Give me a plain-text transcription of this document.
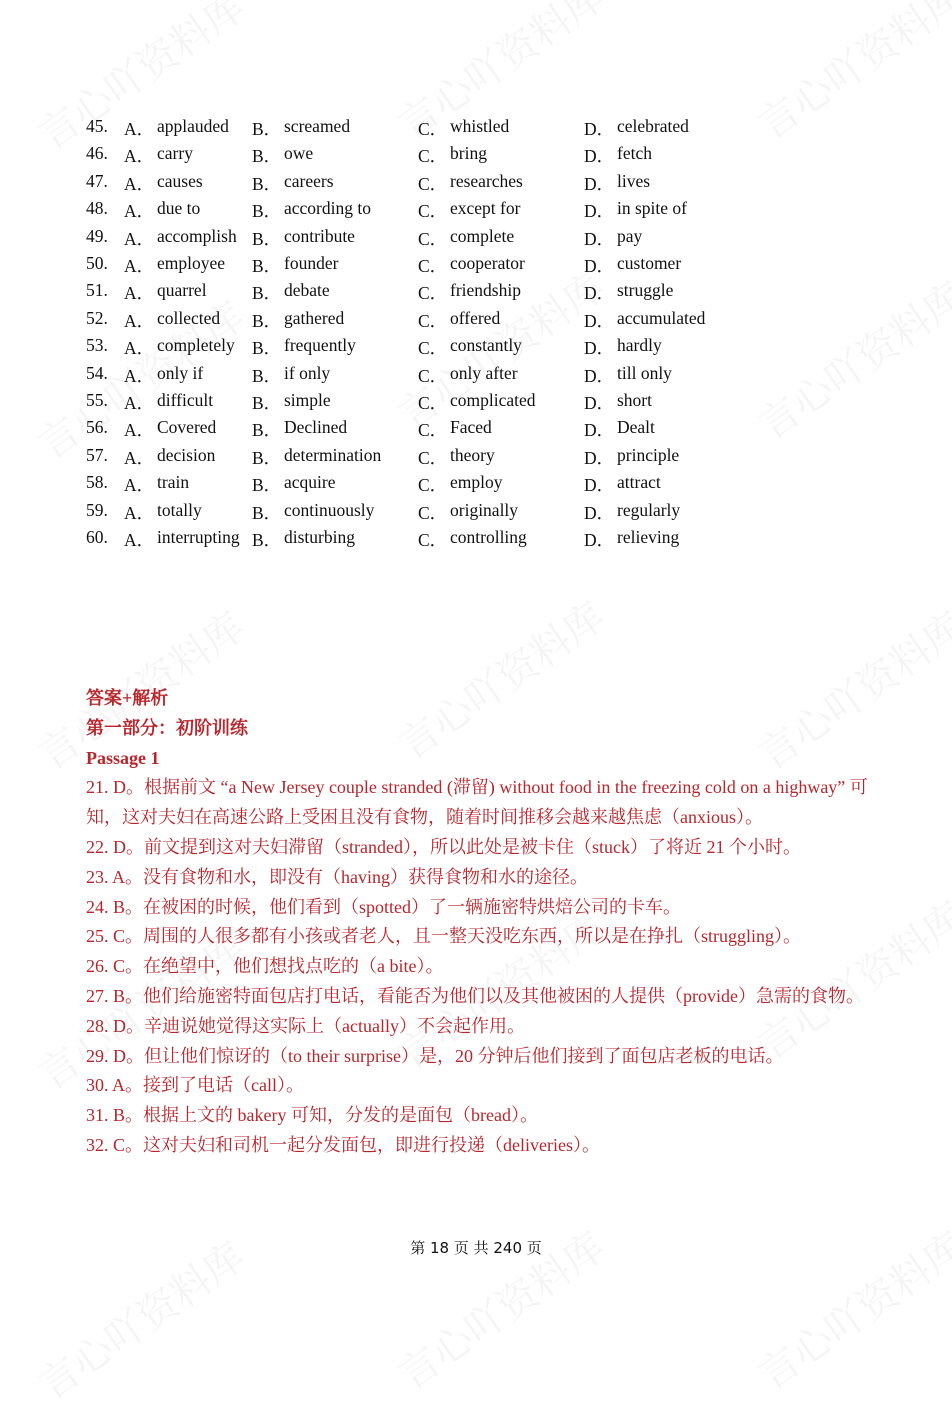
45. A． applauded B． screamed	C． whistled	D． celebrated
46. A． carry	B． owe	C． bring	D． fetch
47. A． causes	B． careers	C． researches	D． lives
48. A． due to	B． according to	C． except for	D． in spite of
49. A． accomplish B． contribute	C． complete	D． pay
50. A． employee B． founder	C． cooperator	D． customer
51. A． quarrel	B． debate	C． friendship	D． struggle
52. A． collected B． gathered	C． offered	D． accumulated
53. A． completely B． frequently	C． constantly	D． hardly
54. A． only if	B． if only	C． only after	D． till only
55. A． difficult B． simple	C． complicated	D． short
56. A． Covered B． Declined	C． Faced	D． Dealt
57. A． decision B． determination C． theory	D． principle
58. A． train	B． acquire	C． employ	D． attract
59. A． totally	B． continuously C． originally	D． regularly
60. A． interrupting B． disturbing	C． controlling	D． relieving

答案+解析

第一部分：初阶训练

Passage 1

21. D。根据前文 “a New Jersey couple stranded (滞留) without food in the freezing cold on a highway” 可知，这对夫妇在高速公路上受困且没有食物，随着时间推移会越来越焦虑（anxious）。

22. D。前文提到这对夫妇滞留（stranded），所以此处是被卡住（stuck）了将近 21 个小时。

23. A。没有食物和水，即没有（having）获得食物和水的途径。

24. B。在被困的时候，他们看到（spotted）了一辆施密特烘焙公司的卡车。

25. C。周围的人很多都有小孩或者老人，且一整天没吃东西，所以是在挣扎（struggling）。

26. C。在绝望中，他们想找点吃的（a bite）。

27. B。他们给施密特面包店打电话，看能否为他们以及其他被困的人提供（provide）急需的食物。

28. D。辛迪说她觉得这实际上（actually）不会起作用。

29. D。但让他们惊讶的（to their surprise）是，20 分钟后他们接到了面包店老板的电话。

30. A。接到了电话（call）。

31. B。根据上文的 bakery 可知，分发的是面包（bread）。

32. C。这对夫妇和司机一起分发面包，即进行投递（deliveries）。

第 18 页 共 240 页
